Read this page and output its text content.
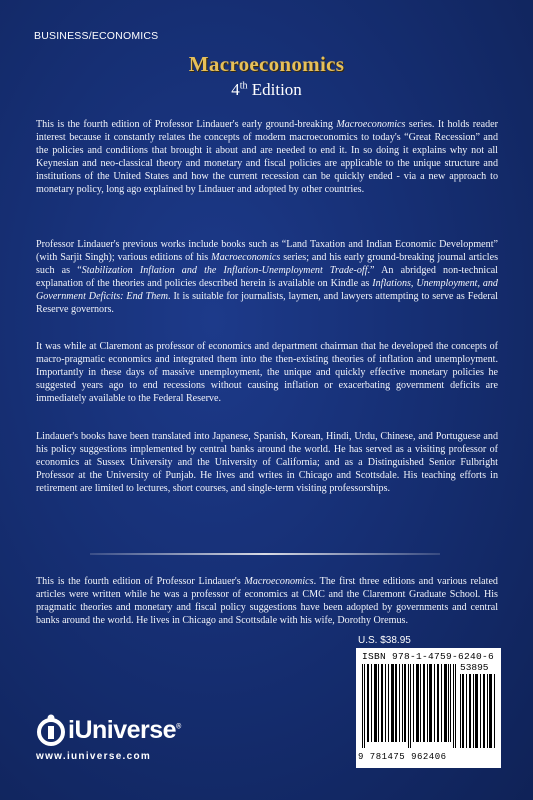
BUSINESS/ECONOMICS
Macroeconomics
4th Edition
This is the fourth edition of Professor Lindauer's early ground-breaking Macroeconomics series. It holds reader interest because it constantly relates the concepts of modern macroeconomics to today's “Great Recession” and the policies and conditions that brought it about and are needed to end it. In so doing it explains why not all Keynesian and neo-classical theory and monetary and fiscal policies are applicable to the unique structure and institutions of the United States and how the current recession can be quickly ended - via a new approach to monetary policy, long ago explained by Lindauer and adopted by other countries.
Professor Lindauer's previous works include books such as “Land Taxation and Indian Economic Development” (with Sarjit Singh); various editions of his Macroeconomics series; and his early ground-breaking journal articles such as “Stabilization Inflation and the Inflation-Unemployment Trade-off.” An abridged non-technical explanation of the theories and policies described herein is available on Kindle as Inflations, Unemployment, and Government Deficits: End Them. It is suitable for journalists, laymen, and lawyers attempting to serve as Federal Reserve governors.
It was while at Claremont as professor of economics and department chairman that he developed the concepts of macro-pragmatic economics and integrated them into the then-existing theories of inflation and unemployment. Importantly in these days of massive unemployment, the unique and quickly effective monetary policies he suggested years ago to end recessions without causing inflation or exacerbating government deficits are immediately available to the Federal Reserve.
Lindauer's books have been translated into Japanese, Spanish, Korean, Hindi, Urdu, Chinese, and Portuguese and his policy suggestions implemented by central banks around the world. He has served as a visiting professor of economics at Sussex University and the University of California; and as a Distinguished Senior Fulbright Professor at the University of Punjab. He lives and writes in Chicago and Scottsdale. His teaching efforts in retirement are limited to lectures, short courses, and single-term visiting professorships.
This is the fourth edition of Professor Lindauer's Macroeconomics. The first three editions and various related articles were written while he was a professor of economics at CMC and the Claremont Graduate School. His pragmatic theories and monetary and fiscal policy suggestions have been adopted by governments and central banks around the world. He lives in Chicago and Scottsdale with his wife, Dorothy Oremus.
U.S. $38.95
ISBN 978-1-4759-6240-6
53895
9 781475 962406
iUniverse®
www.iuniverse.com
